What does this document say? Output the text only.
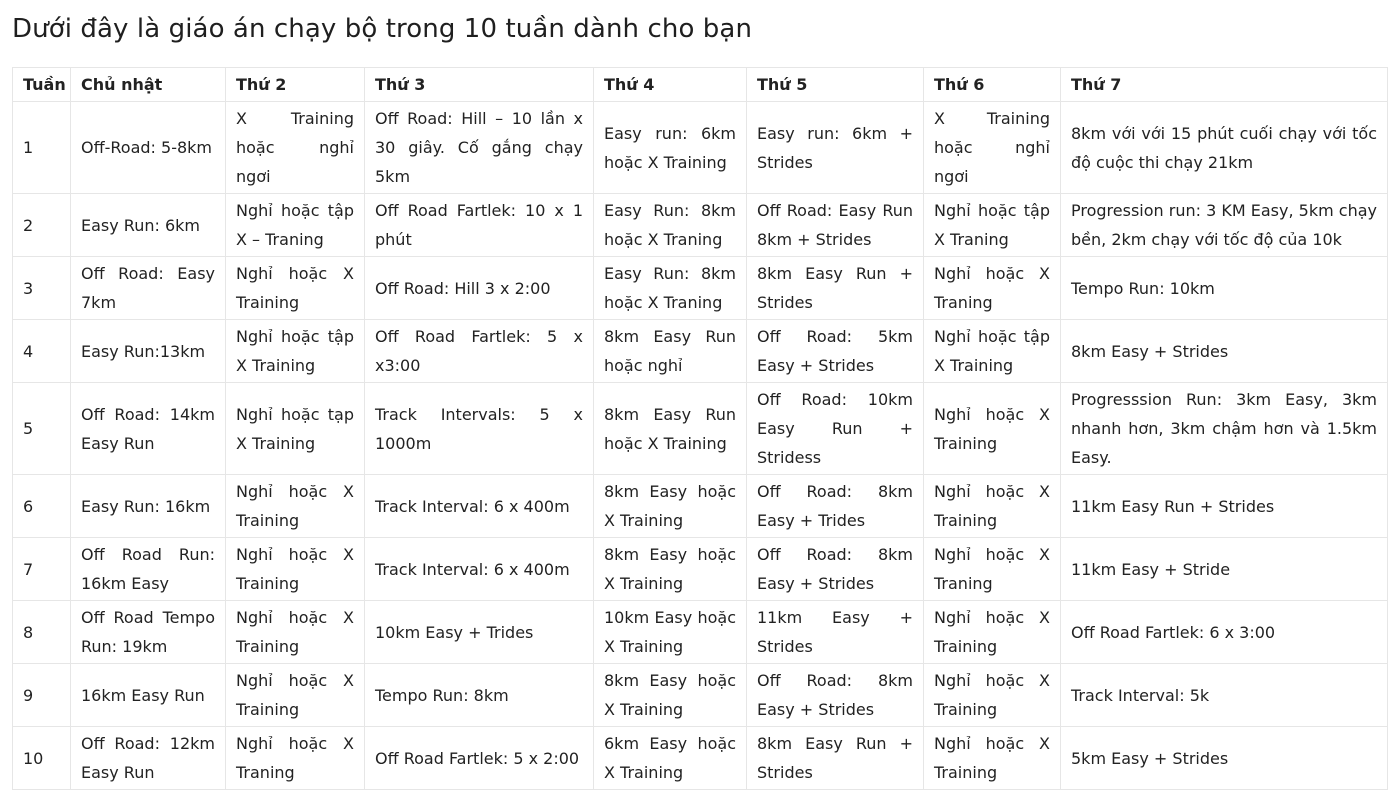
Dưới đây là giáo án chạy bộ trong 10 tuần dành cho bạn
Tuần	Chủ nhật	Thứ 2	Thứ 3	Thứ 4	Thứ 5	Thứ 6	Thứ 7
1	Off-Road: 5-8km	X Training hoặc nghỉ ngơi	Off Road: Hill – 10 lần x 30 giây. Cố gắng chạy 5km	Easy run: 6km hoặc X Training	Easy run: 6km + Strides	X Training hoặc nghỉ ngơi	8km với với 15 phút cuối chạy với tốc độ cuộc thi chạy 21km
2	Easy Run: 6km	Nghỉ hoặc tập X – Traning	Off Road Fartlek: 10 x 1 phút	Easy Run: 8km hoặc X Traning	Off Road: Easy Run 8km + Strides	Nghỉ hoặc tập X Traning	Progression run: 3 KM Easy, 5km chạy bền, 2km chạy với tốc độ của 10k
3	Off Road: Easy 7km	Nghỉ hoặc X Training	Off Road: Hill 3 x 2:00	Easy Run: 8km hoặc X Traning	8km Easy Run + Strides	Nghỉ hoặc X Traning	Tempo Run: 10km
4	Easy Run:13km	Nghỉ hoặc tập X Training	Off Road Fartlek: 5 x x3:00	8km Easy Run hoặc nghỉ	Off Road: 5km Easy + Strides	Nghỉ hoặc tập X Training	8km Easy + Strides
5	Off Road: 14km Easy Run	Nghỉ hoặc tạp X Training	Track Intervals: 5 x 1000m	8km Easy Run hoặc X Training	Off Road: 10km Easy Run + Stridess	Nghỉ hoặc X Training	Progresssion Run: 3km Easy, 3km nhanh hơn, 3km chậm hơn và 1.5km Easy.
6	Easy Run: 16km	Nghỉ hoặc X Training	Track Interval: 6 x 400m	8km Easy hoặc X Training	Off Road: 8km Easy + Trides	Nghỉ hoặc X Training	11km Easy Run + Strides
7	Off Road Run: 16km Easy	Nghỉ hoặc X Training	Track Interval: 6 x 400m	8km Easy hoặc X Training	Off Road: 8km Easy + Strides	Nghỉ hoặc X Traning	11km Easy + Stride
8	Off Road Tempo Run: 19km	Nghỉ hoặc X Training	10km Easy + Trides	10km Easy hoặc X Training	11km Easy + Strides	Nghỉ hoặc X Training	Off Road Fartlek: 6 x 3:00
9	16km Easy Run	Nghỉ hoặc X Training	Tempo Run: 8km	8km Easy hoặc X Training	Off Road: 8km Easy + Strides	Nghỉ hoặc X Training	Track Interval: 5k
10	Off Road: 12km Easy Run	Nghỉ hoặc X Traning	Off Road Fartlek: 5 x 2:00	6km Easy hoặc X Training	8km Easy Run + Strides	Nghỉ hoặc X Training	5km Easy + Strides
